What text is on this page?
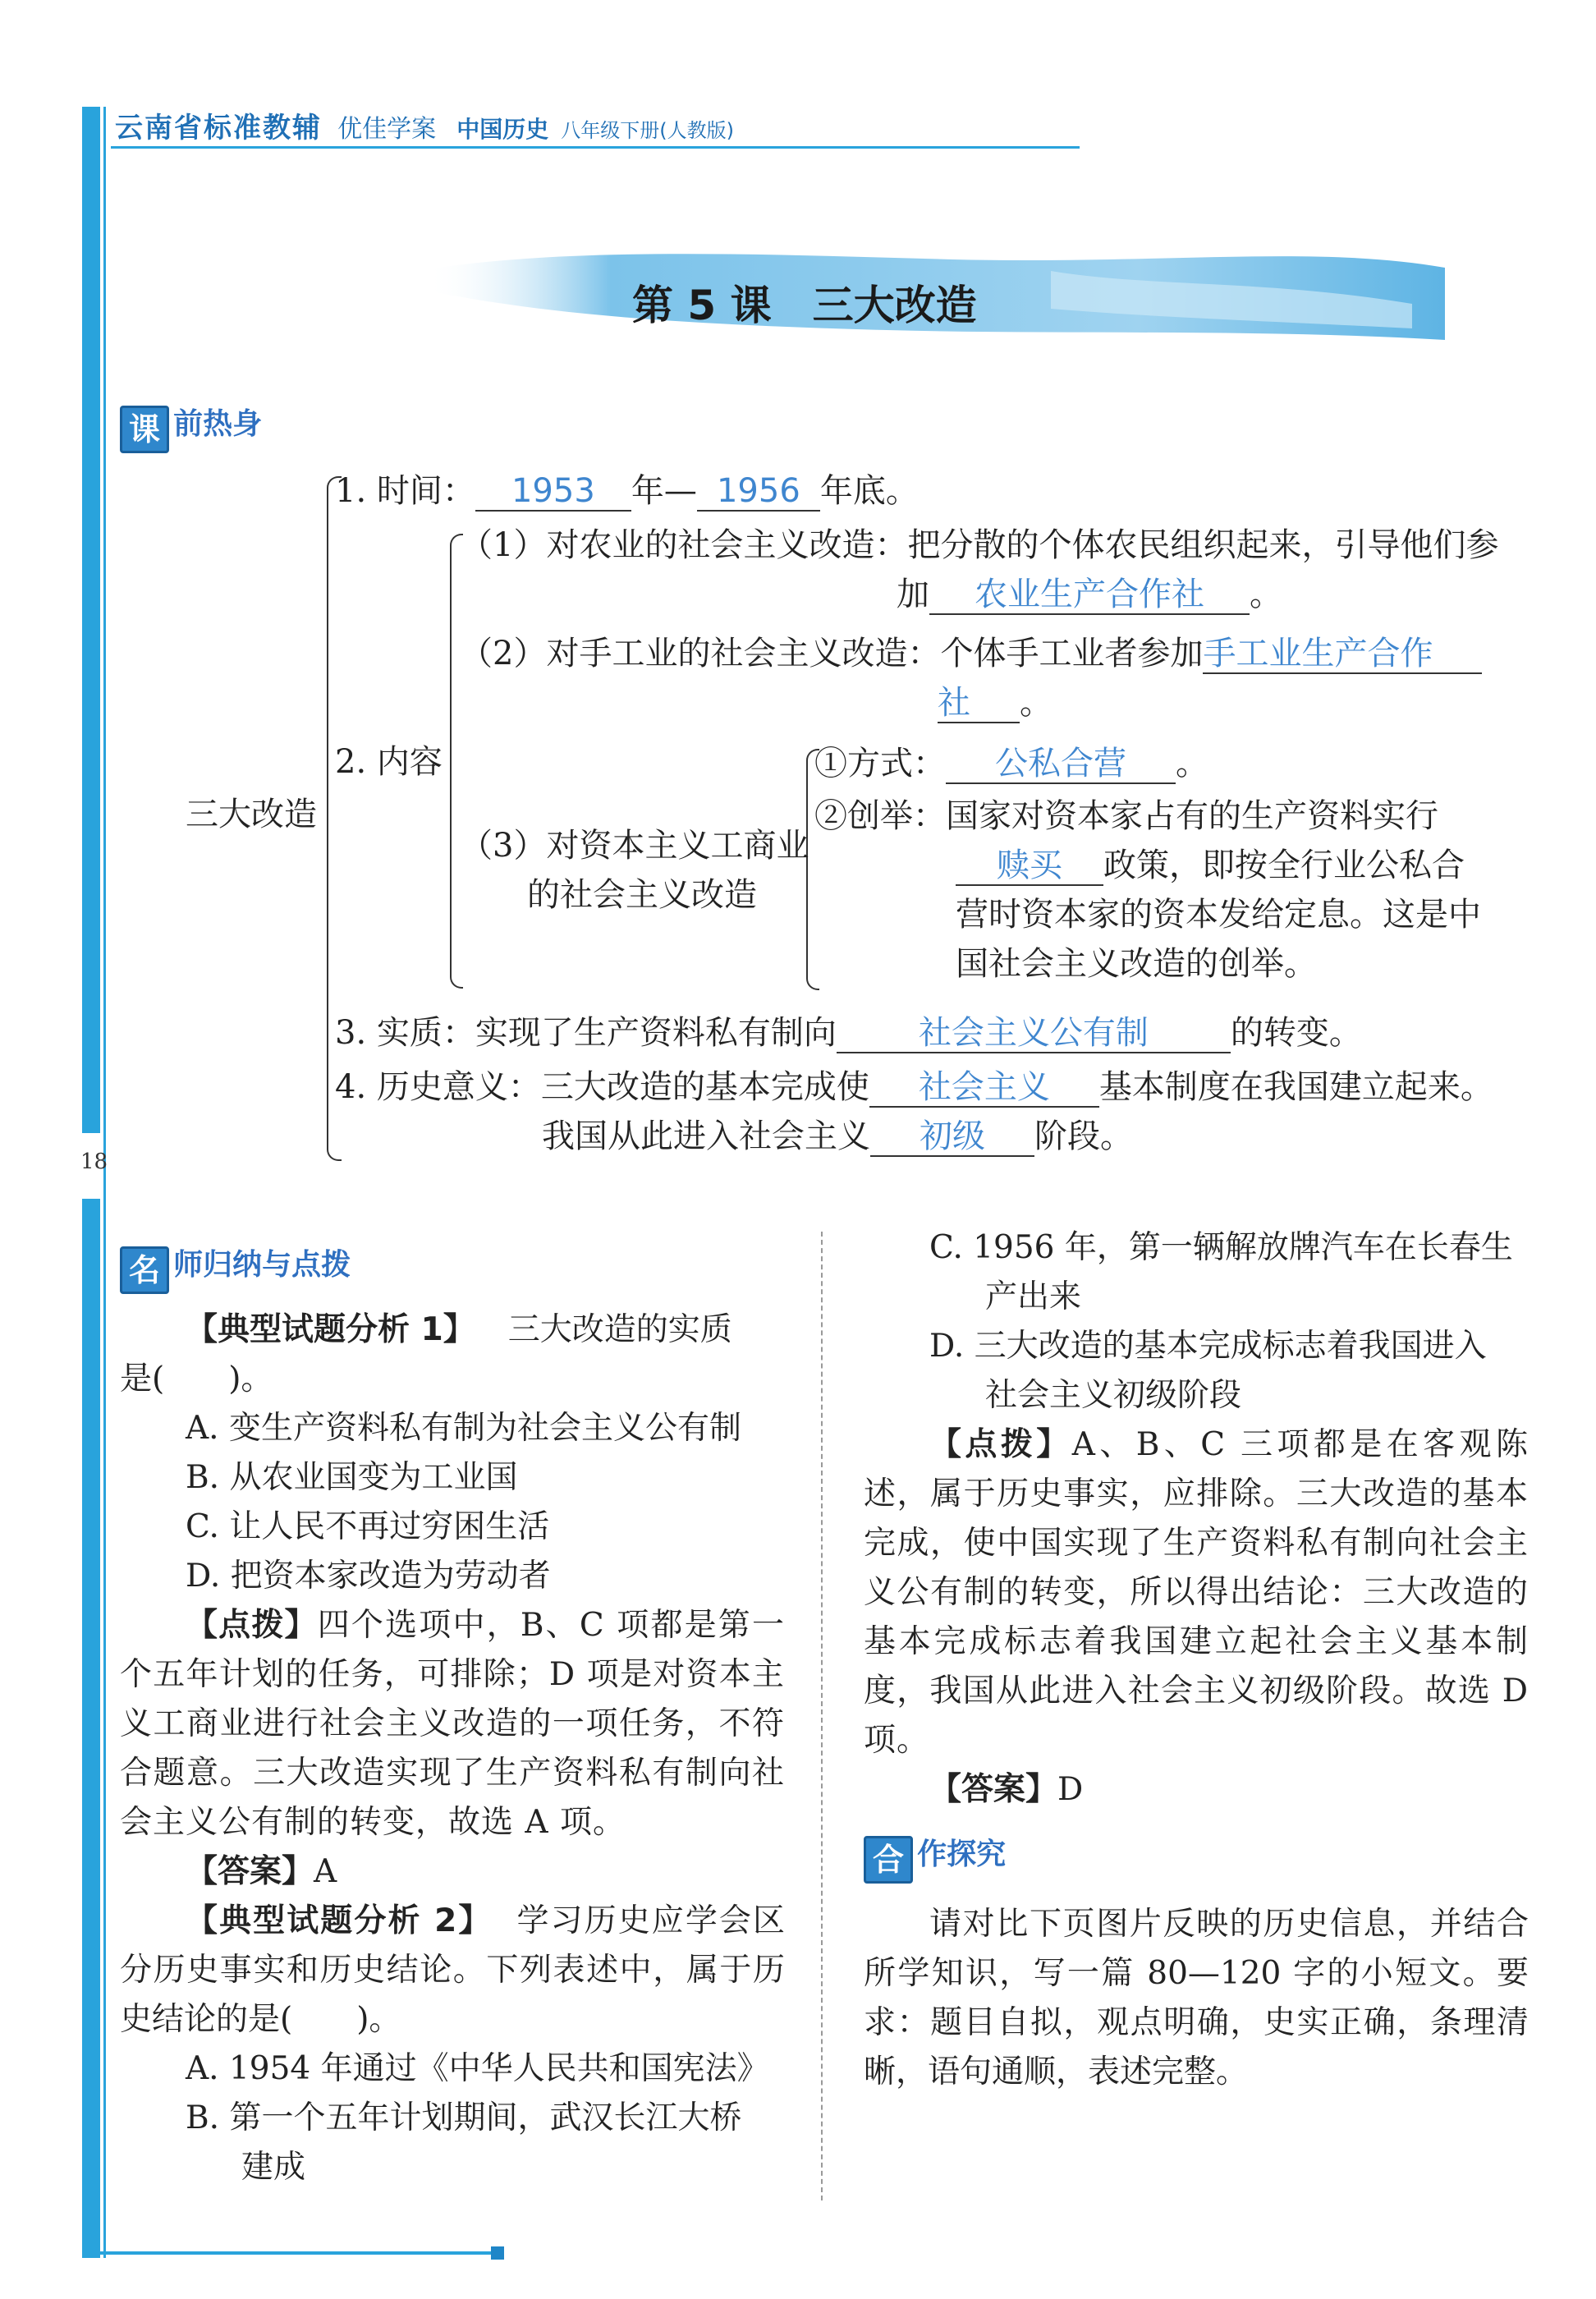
18
云南省标准教辅 优佳学案 中国历史 八年级下册(人教版)
第 5 课　三大改造
课 前热身
三大改造
1. 时间： 1953 年— 1956 年底。
2. 内容
（1）对农业的社会主义改造：把分散的个体农民组织起来，引导他们参
加 农业生产合作社 。
（2）对手工业的社会主义改造：个体手工业者参加手工业生产合作
社 。
（3）对资本主义工商业
的社会主义改造
①方式： 公私合营 。
②创举：国家对资本家占有的生产资料实行
赎买 政策，即按全行业公私合
营时资本家的资本发给定息。这是中
国社会主义改造的创举。
3. 实质：实现了生产资料私有制向	社会主义公有制	的转变。
4. 历史意义：三大改造的基本完成使 社会主义 基本制度在我国建立起来。
我国从此进入社会主义 初级 阶段。
名 师归纳与点拨

【典型试题分析 1】 三大改造的实质

是(　　)。

A. 变生产资料私有制为社会主义公有制

B. 从农业国变为工业国

C. 让人民不再过穷困生活

D. 把资本家改造为劳动者

【点拨】四个选项中，B、C 项都是第一个五年计划的任务，可排除；D 项是对资本主义工商业进行社会主义改造的一项任务，不符合题意。三大改造实现了生产资料私有制向社会主义公有制的转变，故选 A 项。

【答案】A

【典型试题分析 2】 学习历史应学会区分历史事实和历史结论。下列表述中，属于历史结论的是(　　)。

A. 1954 年通过《中华人民共和国宪法》

B. 第一个五年计划期间，武汉长江大桥

建成

C. 1956 年，第一辆解放牌汽车在长春生

产出来

D. 三大改造的基本完成标志着我国进入

社会主义初级阶段

【点拨】A、B、C 三项都是在客观陈述，属于历史事实，应排除。三大改造的基本完成，使中国实现了生产资料私有制向社会主义公有制的转变，所以得出结论：三大改造的基本完成标志着我国建立起社会主义基本制度，我国从此进入社会主义初级阶段。故选 D 项。

【答案】D

合 作探究

请对比下页图片反映的历史信息，并结合所学知识，写一篇 80—120 字的小短文。要求：题目自拟，观点明确，史实正确，条理清晰，语句通顺，表述完整。
